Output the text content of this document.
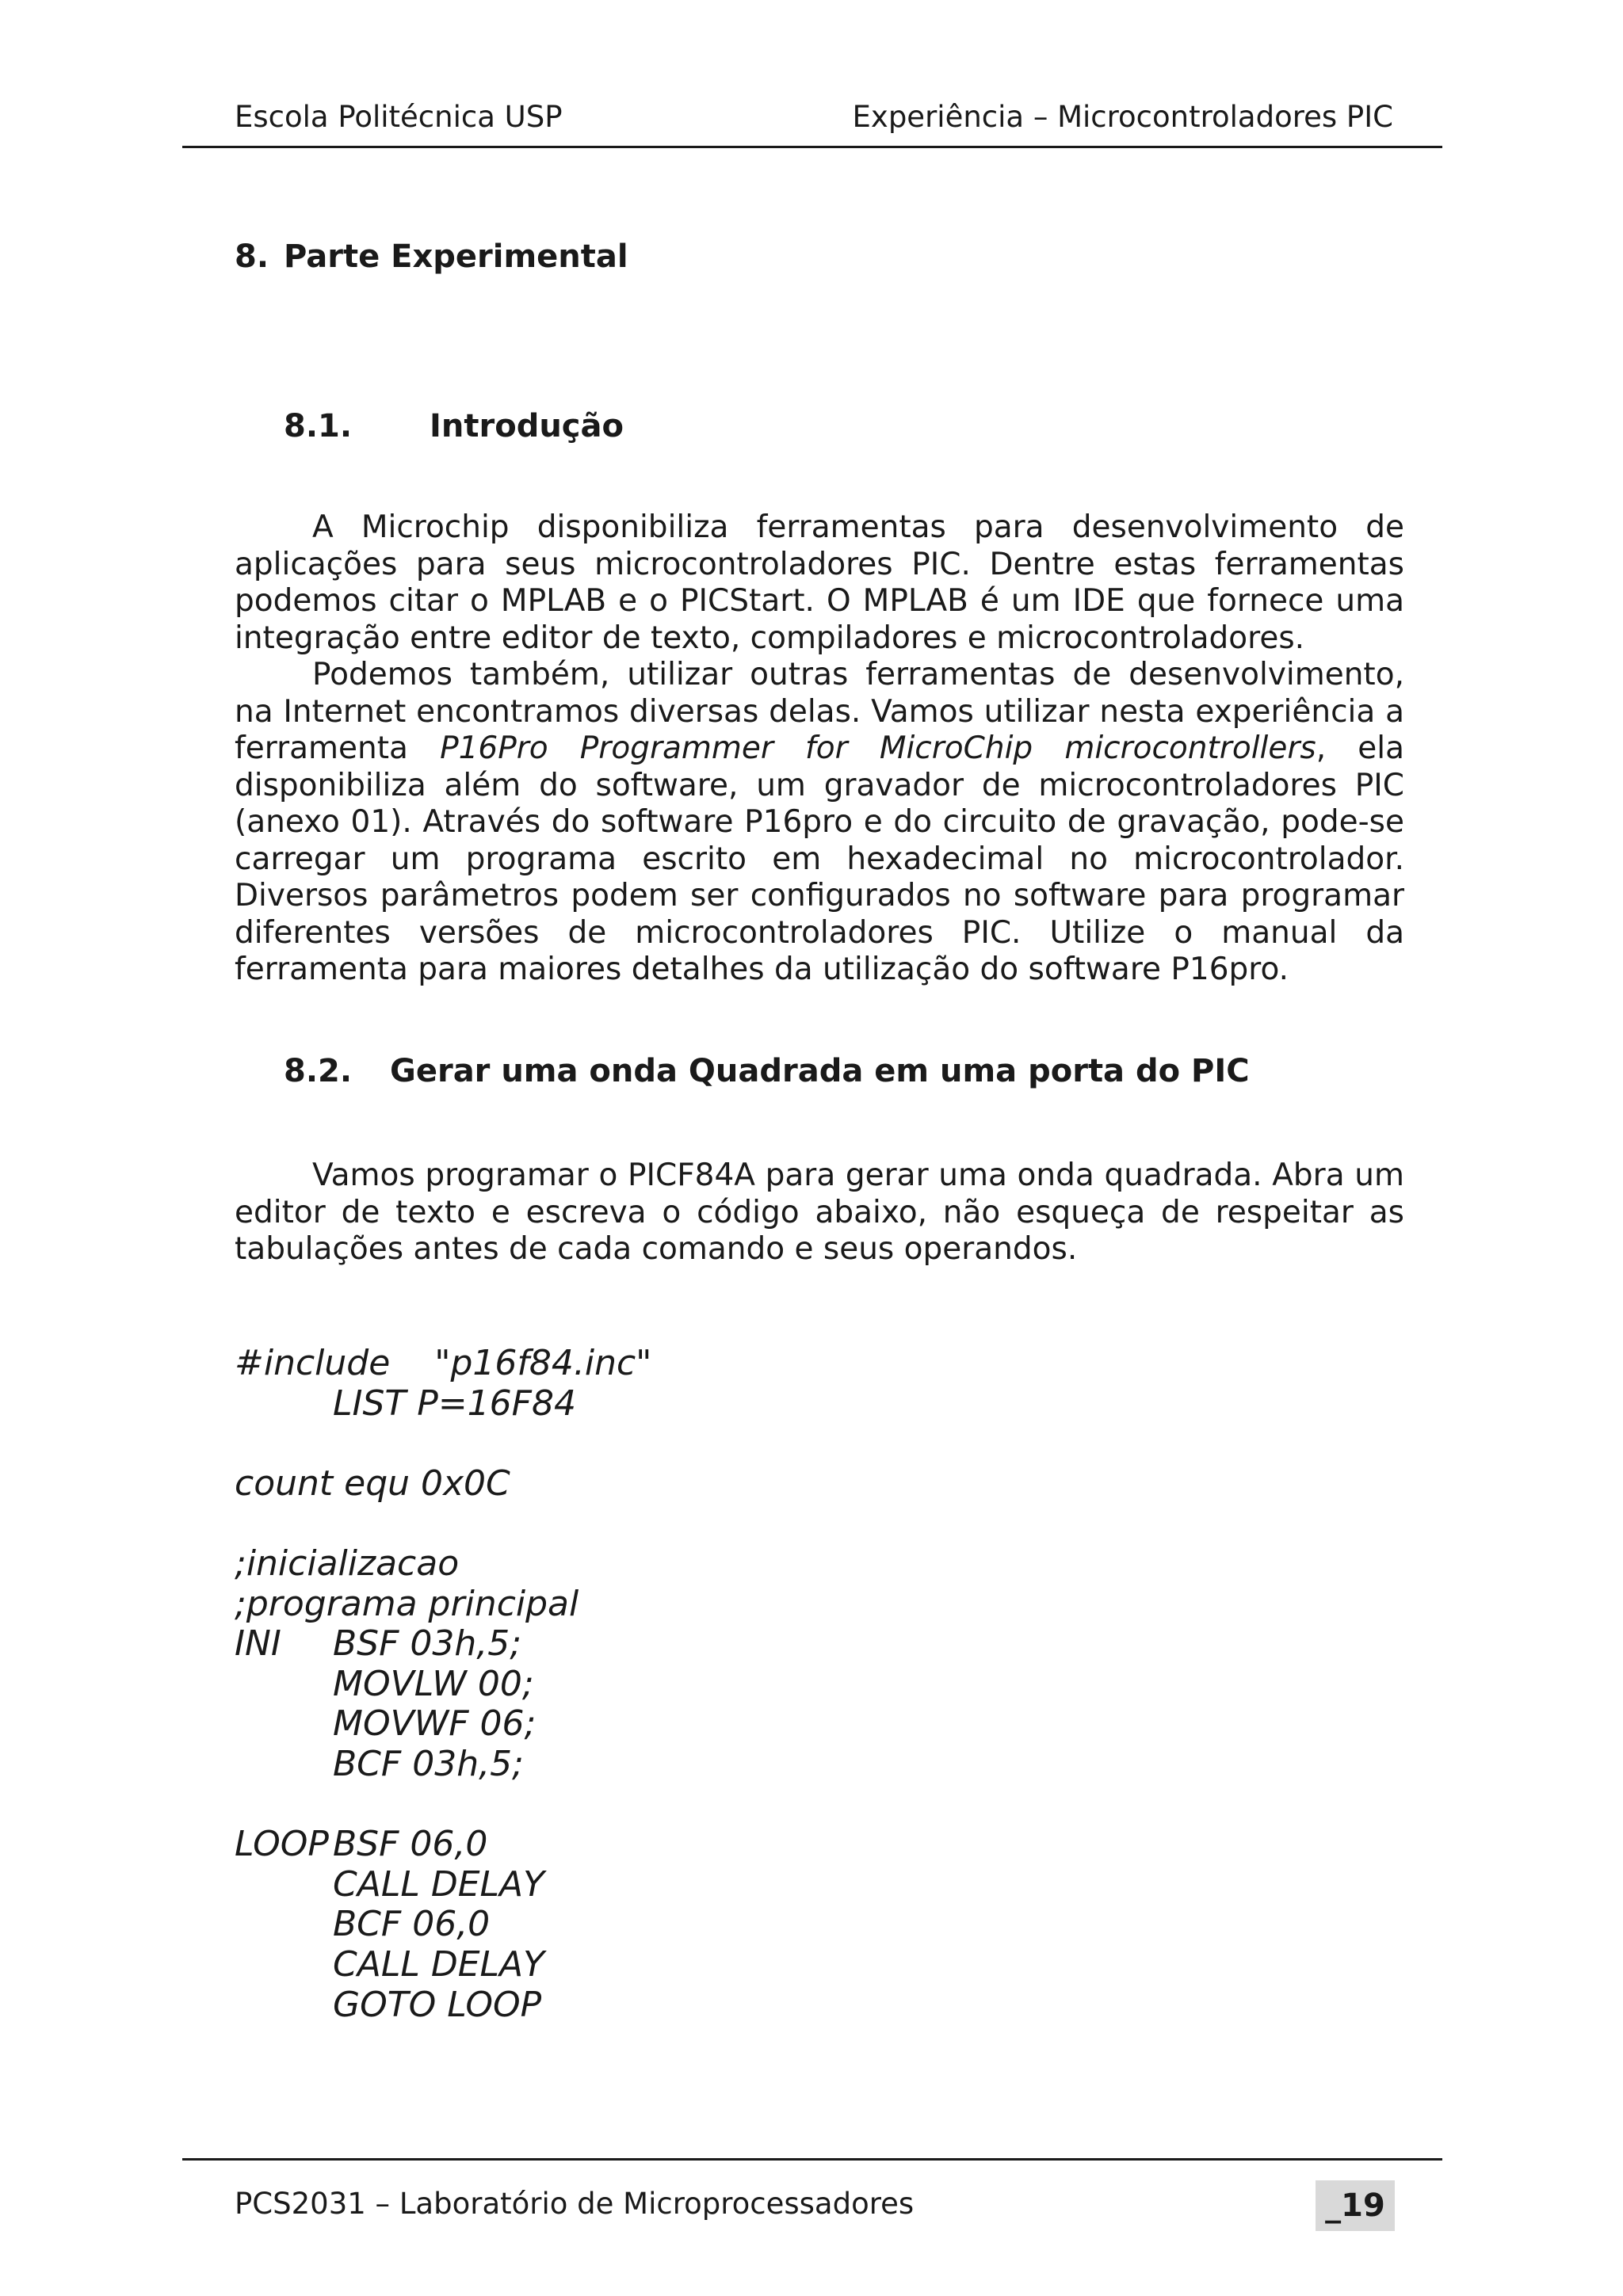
Escola Politécnica USP	Experiência – Microcontroladores PIC
8. Parte Experimental
8.1. Introdução

A Microchip disponibiliza ferramentas para desenvolvimento de aplicações para seus microcontroladores PIC. Dentre estas ferramentas podemos citar o MPLAB e o PICStart. O MPLAB é um IDE que fornece uma integração entre editor de texto, compiladores e microcontroladores.

Podemos também, utilizar outras ferramentas de desenvolvimento, na Internet encontramos diversas delas. Vamos utilizar nesta experiência a ferramenta P16Pro Programmer for MicroChip microcontrollers, ela disponibiliza além do software, um gravador de microcontroladores PIC (anexo 01). Através do software P16pro e do circuito de gravação, pode-se carregar um programa escrito em hexadecimal no microcontrolador. Diversos parâmetros podem ser configurados no software para programar diferentes versões de microcontroladores PIC. Utilize o manual da ferramenta para maiores detalhes da utilização do software P16pro.

8.2. Gerar uma onda Quadrada em uma porta do PIC

Vamos programar o PICF84A para gerar uma onda quadrada. Abra um editor de texto e escreva o código abaixo, não esqueça de respeitar as tabulações antes de cada comando e seus operandos.

#include "p16f84.inc"
LIST P=16F84
count equ 0x0C
;inicializacao
;programa principal
INI BSF 03h,5;
MOVLW 00;
MOVWF 06;
BCF 03h,5;
LOOP BSF 06,0
CALL DELAY
BCF 06,0
CALL DELAY
GOTO LOOP
PCS2031 – Laboratório de Microprocessadores	_19
